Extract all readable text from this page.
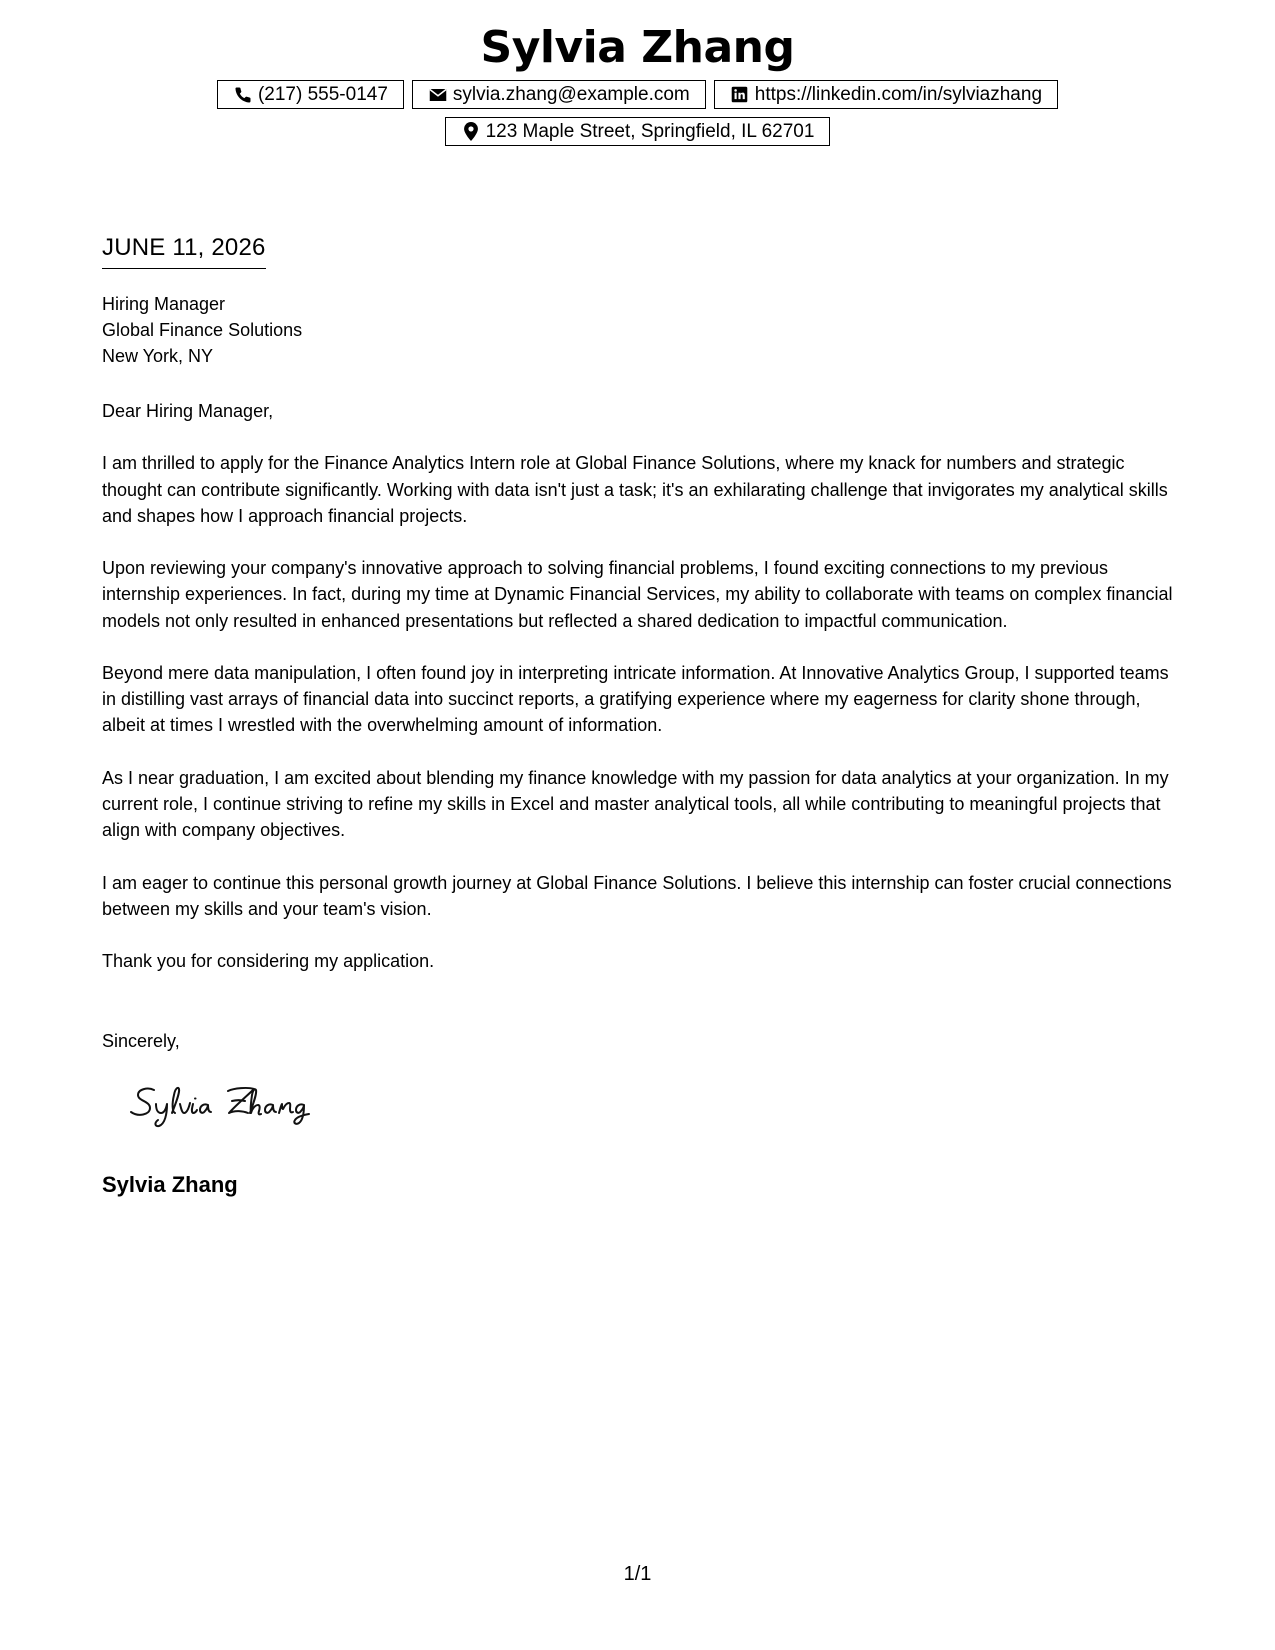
Sylvia Zhang
(217) 555-0147	sylvia.zhang@example.com	https://linkedin.com/in/sylviazhang
123 Maple Street, Springfield, IL 62701
JUNE 11, 2026
Hiring Manager
Global Finance Solutions
New York, NY

Dear Hiring Manager,

I am thrilled to apply for the Finance Analytics Intern role at Global Finance Solutions, where my knack for numbers and strategic thought can contribute significantly. Working with data isn't just a task; it's an exhilarating challenge that invigorates my analytical skills and shapes how I approach financial projects.

Upon reviewing your company's innovative approach to solving financial problems, I found exciting connections to my previous internship experiences. In fact, during my time at Dynamic Financial Services, my ability to collaborate with teams on complex financial models not only resulted in enhanced presentations but reflected a shared dedication to impactful communication.

Beyond mere data manipulation, I often found joy in interpreting intricate information. At Innovative Analytics Group, I supported teams in distilling vast arrays of financial data into succinct reports, a gratifying experience where my eagerness for clarity shone through, albeit at times I wrestled with the overwhelming amount of information.

As I near graduation, I am excited about blending my finance knowledge with my passion for data analytics at your organization. In my current role, I continue striving to refine my skills in Excel and master analytical tools, all while contributing to meaningful projects that align with company objectives.

I am eager to continue this personal growth journey at Global Finance Solutions. I believe this internship can foster crucial connections between my skills and your team's vision.

Thank you for considering my application.

Sincerely,
Sylvia Zhang
1/1
